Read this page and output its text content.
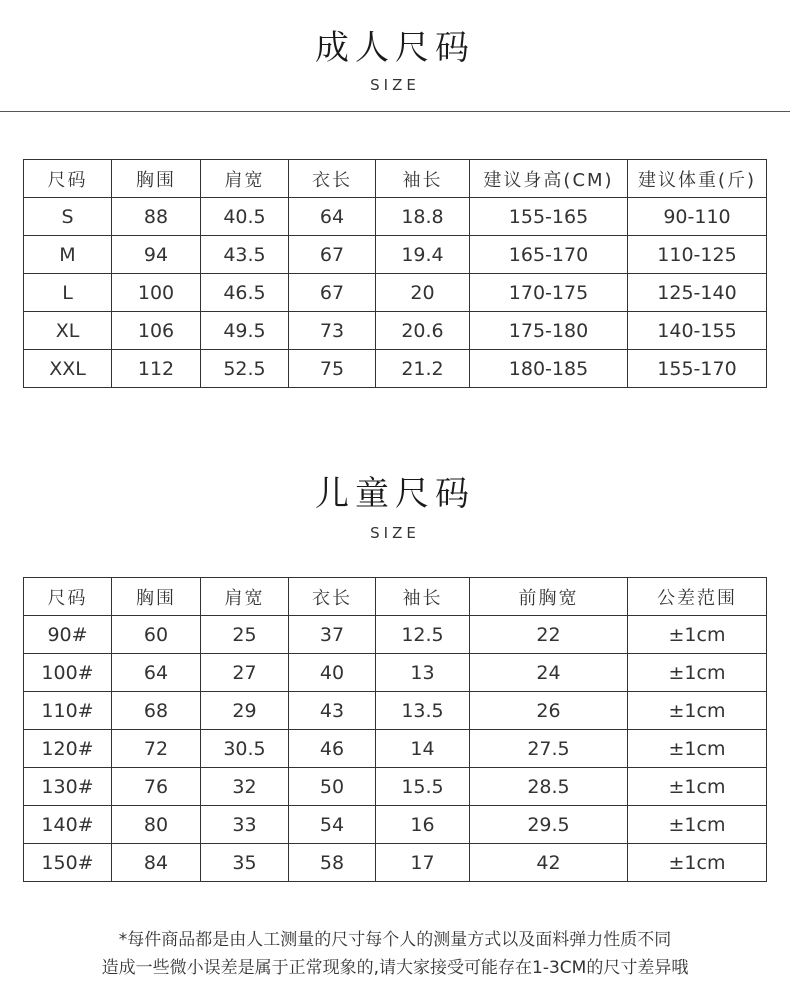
成人尺码
SIZE
尺码	胸围	肩宽	衣长	袖长	建议身高(CM)	建议体重(斤)
S	88	40.5	64	18.8	155-165	90-110
M	94	43.5	67	19.4	165-170	110-125
L	100	46.5	67	20	170-175	125-140
XL	106	49.5	73	20.6	175-180	140-155
XXL	112	52.5	75	21.2	180-185	155-170
儿童尺码
SIZE
尺码	胸围	肩宽	衣长	袖长	前胸宽	公差范围
90#	60	25	37	12.5	22	±1cm
100#	64	27	40	13	24	±1cm
110#	68	29	43	13.5	26	±1cm
120#	72	30.5	46	14	27.5	±1cm
130#	76	32	50	15.5	28.5	±1cm
140#	80	33	54	16	29.5	±1cm
150#	84	35	58	17	42	±1cm
*每件商品都是由人工测量的尺寸每个人的测量方式以及面料弹力性质不同
造成一些微小误差是属于正常现象的,请大家接受可能存在1-3CM的尺寸差异哦
